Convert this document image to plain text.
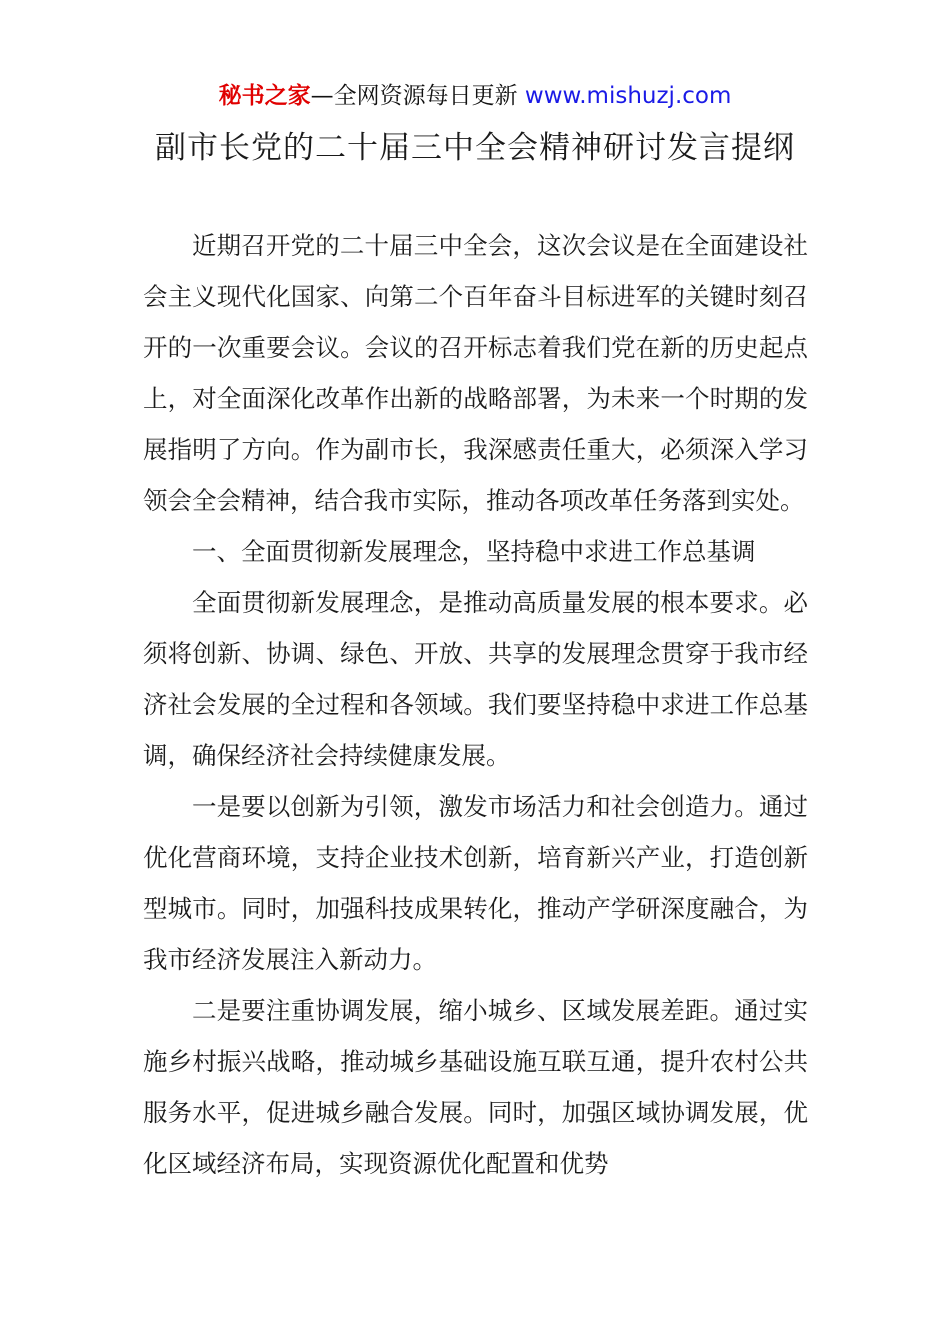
秘书之家—全网资源每日更新 www.mishuzj.com
副市长党的二十届三中全会精神研讨发言提纲

近期召开党的二十届三中全会，这次会议是在全面建设社会主义现代化国家、向第二个百年奋斗目标进军的关键时刻召开的一次重要会议。会议的召开标志着我们党在新的历史起点上，对全面深化改革作出新的战略部署，为未来一个时期的发展指明了方向。作为副市长，我深感责任重大，必须深入学习领会全会精神，结合我市实际，推动各项改革任务落到实处。

一、全面贯彻新发展理念，坚持稳中求进工作总基调

全面贯彻新发展理念，是推动高质量发展的根本要求。必须将创新、协调、绿色、开放、共享的发展理念贯穿于我市经济社会发展的全过程和各领域。我们要坚持稳中求进工作总基调，确保经济社会持续健康发展。

一是要以创新为引领，激发市场活力和社会创造力。通过优化营商环境，支持企业技术创新，培育新兴产业，打造创新型城市。同时，加强科技成果转化，推动产学研深度融合，为我市经济发展注入新动力。

二是要注重协调发展，缩小城乡、区域发展差距。通过实施乡村振兴战略，推动城乡基础设施互联互通，提升农村公共服务水平，促进城乡融合发展。同时，加强区域协调发展，优化区域经济布局，实现资源优化配置和优势
